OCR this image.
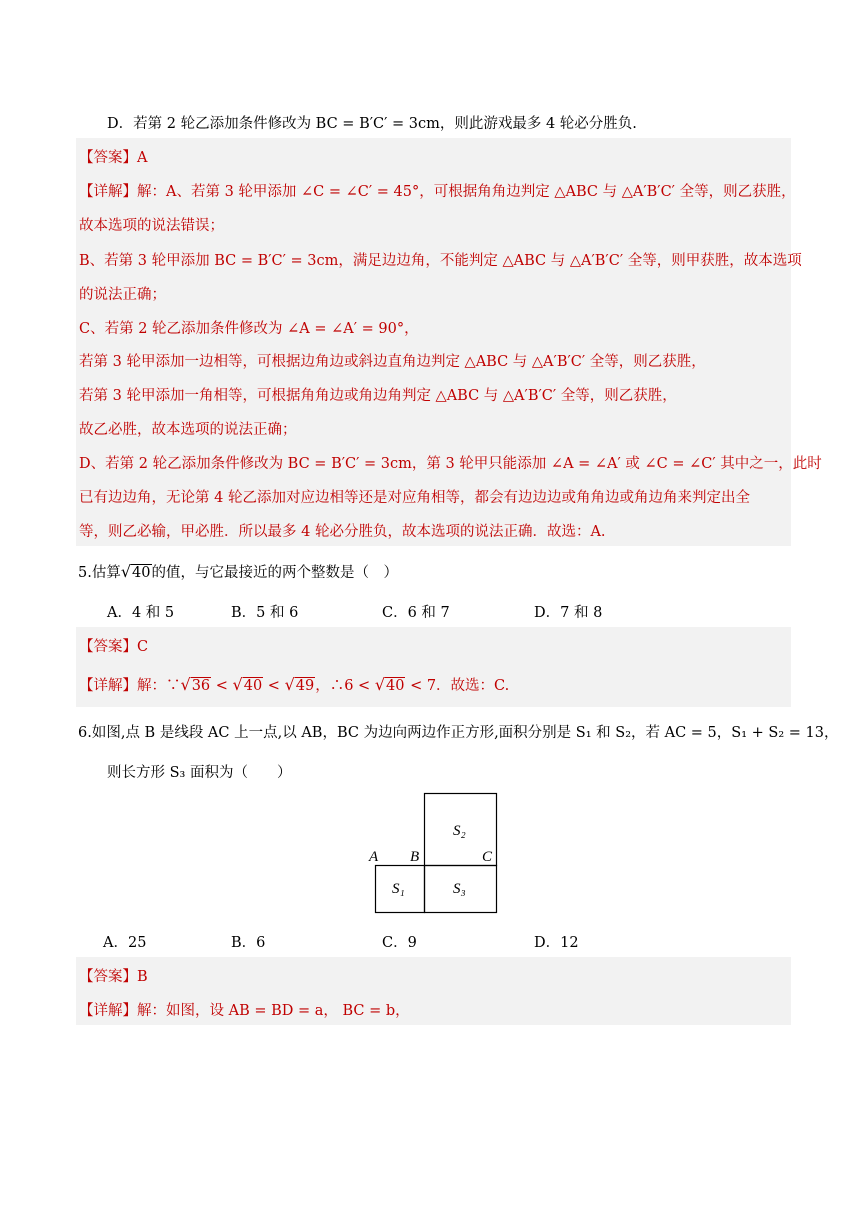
D．若第 2 轮乙添加条件修改为 BC = B′C′ = 3cm，则此游戏最多 4 轮必分胜负.
【答案】A
【详解】解：A、若第 3 轮甲添加 ∠C = ∠C′ = 45°，可根据角角边判定 △ABC 与 △A′B′C′ 全等，则乙获胜，
故本选项的说法错误；
B、若第 3 轮甲添加 BC = B′C′ = 3cm，满足边边角，不能判定 △ABC 与 △A′B′C′ 全等，则甲获胜，故本选项
的说法正确；
C、若第 2 轮乙添加条件修改为 ∠A = ∠A′ = 90°，
若第 3 轮甲添加一边相等，可根据边角边或斜边直角边判定 △ABC 与 △A′B′C′ 全等，则乙获胜，
若第 3 轮甲添加一角相等，可根据角角边或角边角判定 △ABC 与 △A′B′C′ 全等，则乙获胜，
故乙必胜，故本选项的说法正确；
D、若第 2 轮乙添加条件修改为 BC = B′C′ = 3cm，第 3 轮甲只能添加 ∠A = ∠A′ 或 ∠C = ∠C′ 其中之一，此时
已有边边角，无论第 4 轮乙添加对应边相等还是对应角相等，都会有边边边或角角边或角边角来判定出全
等，则乙必输，甲必胜．所以最多 4 轮必分胜负，故本选项的说法正确．故选：A.
5.估算√40的值，与它最接近的两个整数是（　）
A．4 和 5	B．5 和 6	C．6 和 7	D．7 和 8
【答案】C
【详解】解：∵√36 < √40 < √49，∴6 < √40 < 7．故选：C.
6.如图,点 B 是线段 AC 上一点,以 AB，BC 为边向两边作正方形,面积分别是 S₁ 和 S₂，若 AC = 5，S₁ + S₂ = 13，
则长方形 S₃ 面积为（　　）
S₂
S₁	S₃
A B	C
A．25	B．6	C．9	D．12
【答案】B
【详解】解：如图，设 AB = BD = a， BC = b，
